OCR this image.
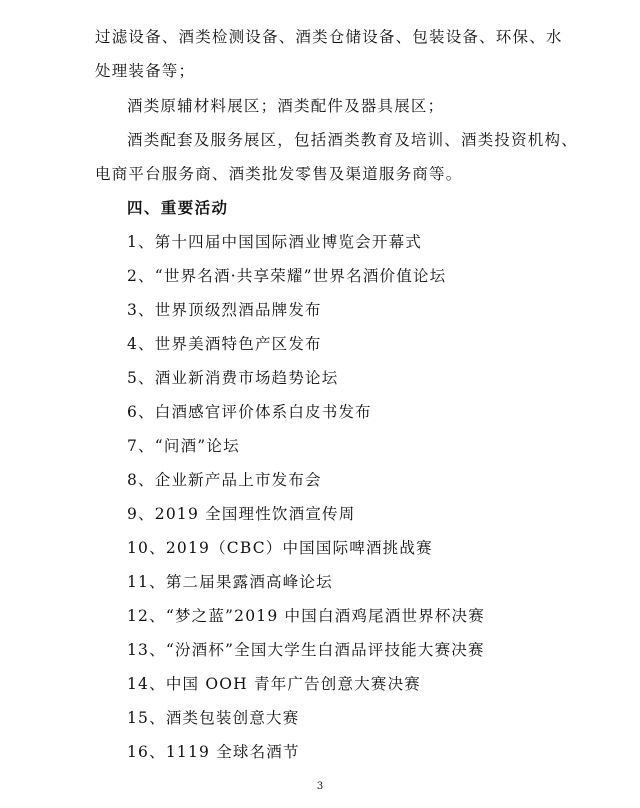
过滤设备、酒类检测设备、酒类仓储设备、包装设备、环保、水
处理装备等；
酒类原辅材料展区；酒类配件及器具展区；
酒类配套及服务展区，包括酒类教育及培训、酒类投资机构、
电商平台服务商、酒类批发零售及渠道服务商等。
四、重要活动
1、第十四届中国国际酒业博览会开幕式
2、“世界名酒·共享荣耀”世界名酒价值论坛
3、世界顶级烈酒品牌发布
4、世界美酒特色产区发布
5、酒业新消费市场趋势论坛
6、白酒感官评价体系白皮书发布
7、“问酒”论坛
8、企业新产品上市发布会
9、2019 全国理性饮酒宣传周
10、2019（CBC）中国国际啤酒挑战赛
11、第二届果露酒高峰论坛
12、“梦之蓝”2019 中国白酒鸡尾酒世界杯决赛
13、“汾酒杯”全国大学生白酒品评技能大赛决赛
14、中国 OOH 青年广告创意大赛决赛
15、酒类包装创意大赛
16、1119 全球名酒节
3
